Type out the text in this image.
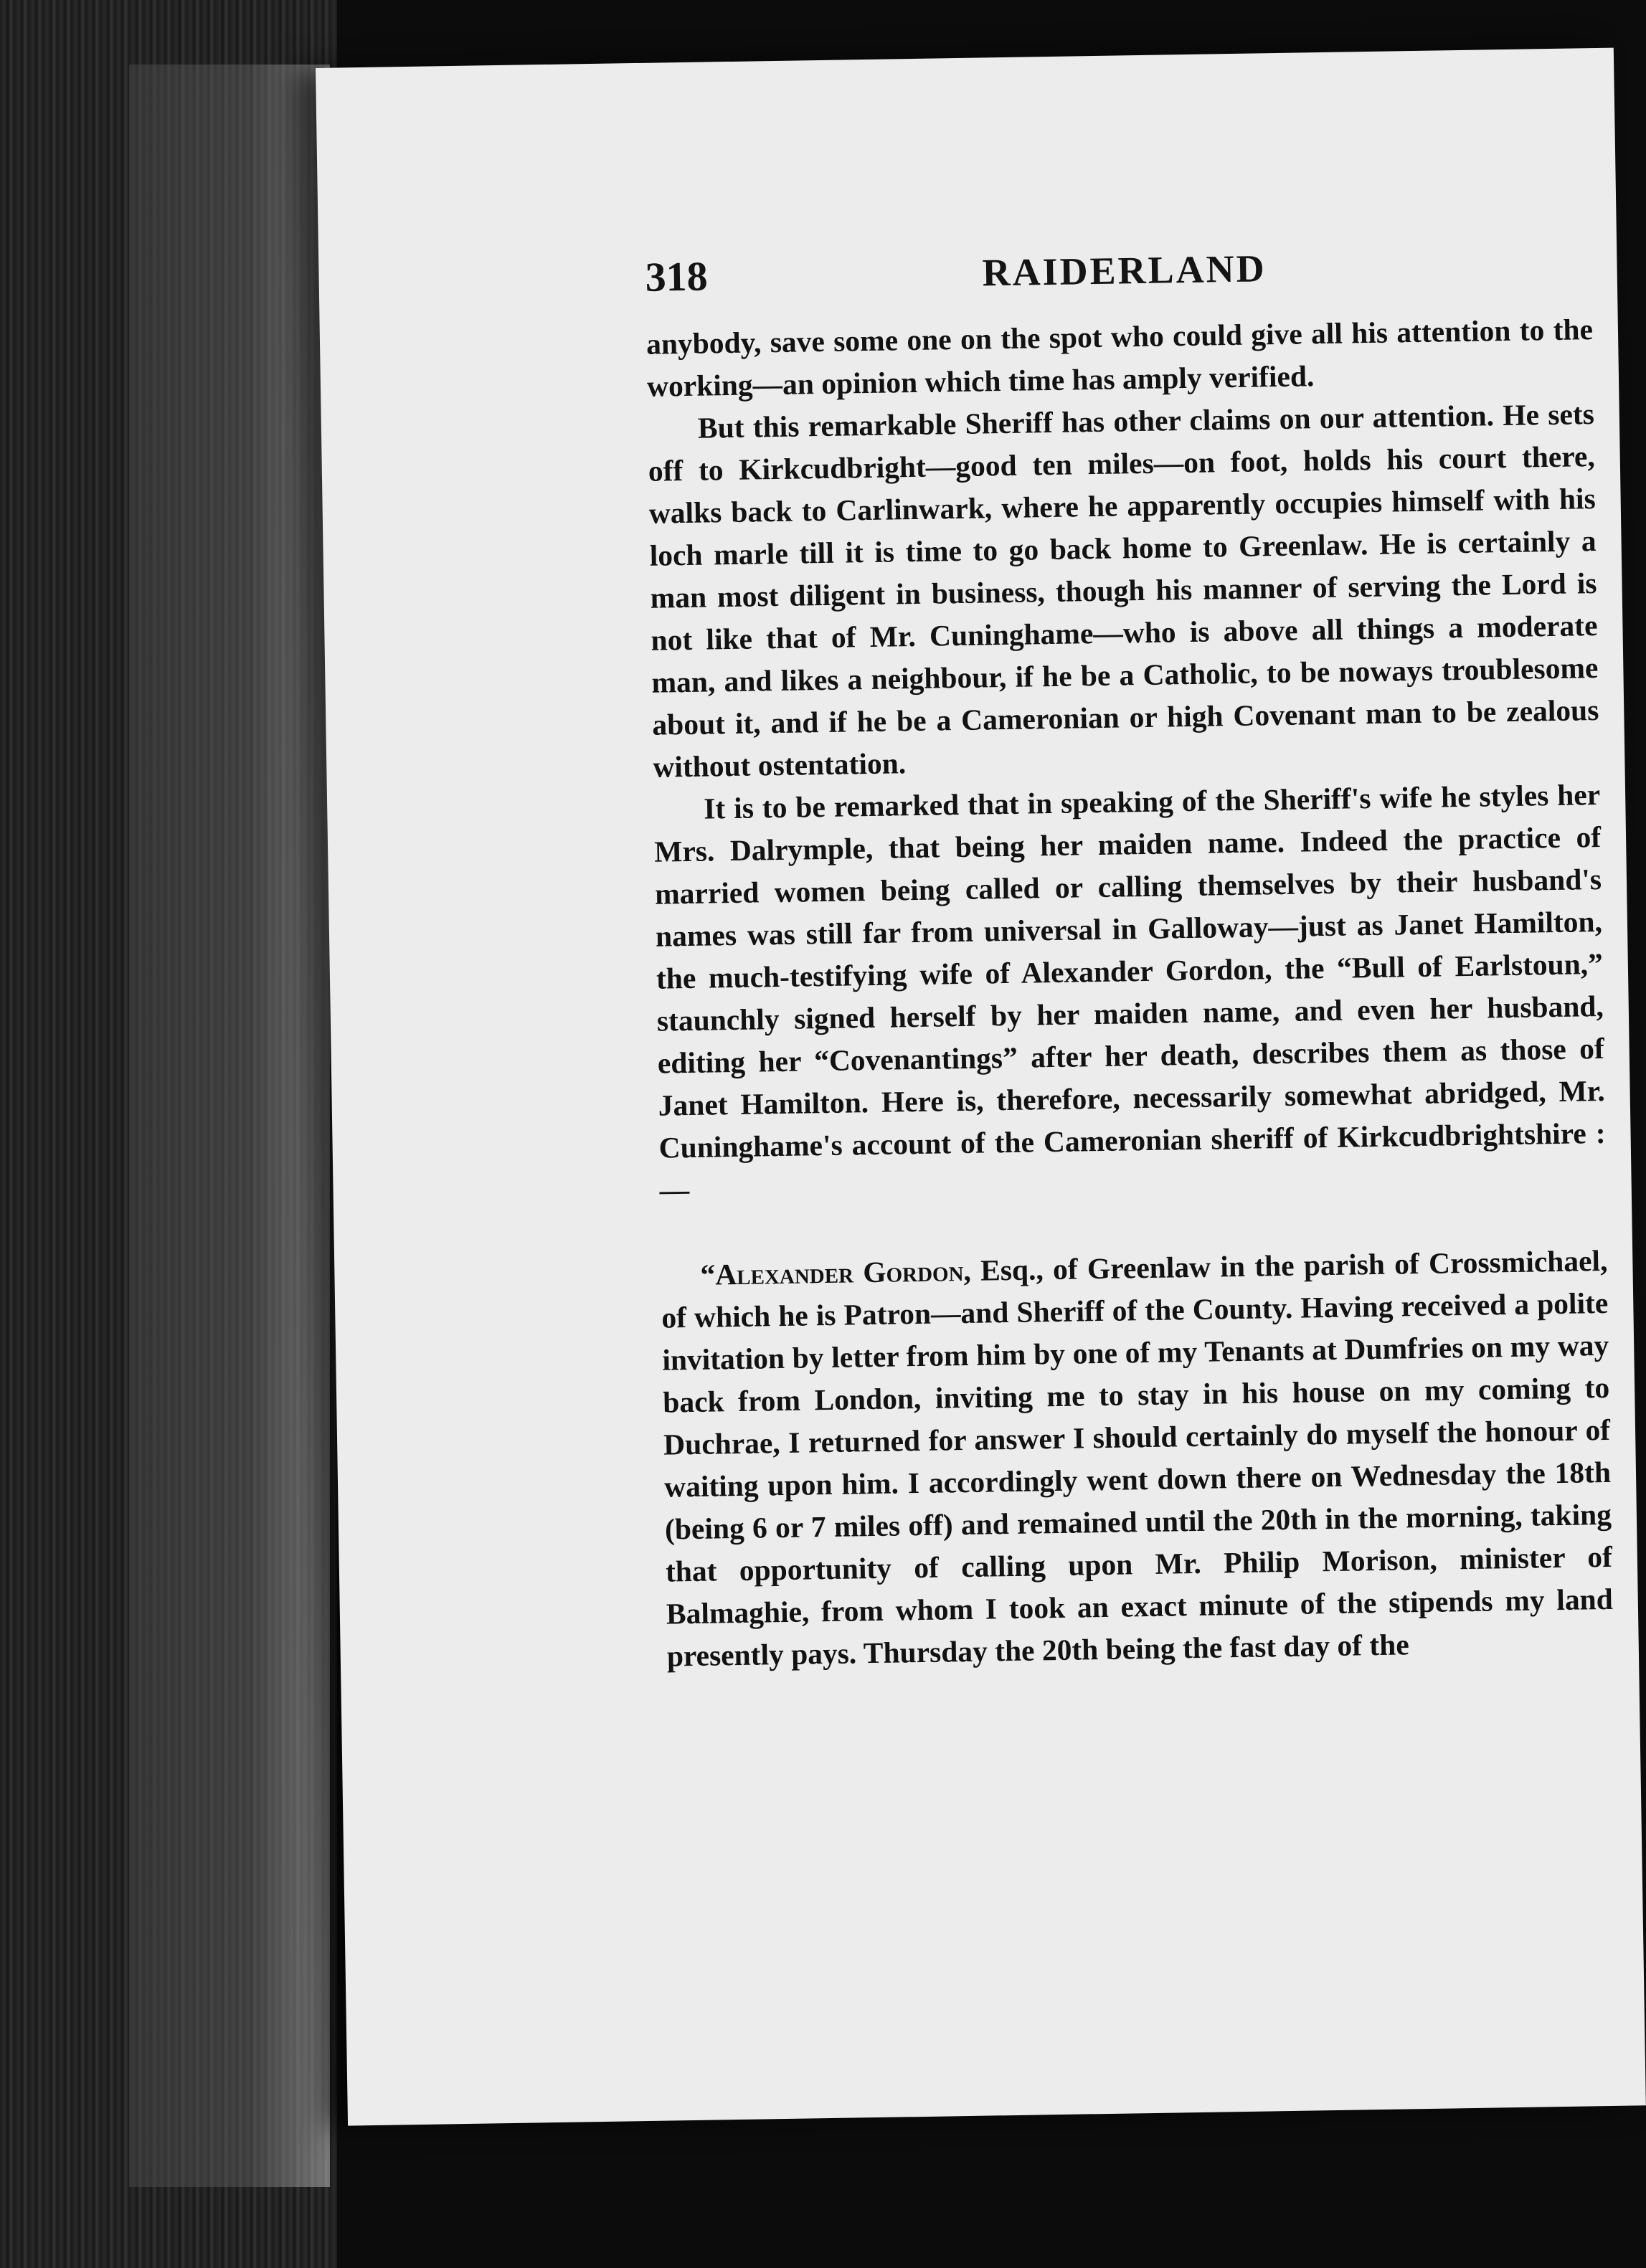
318	RAIDERLAND

anybody, save some one on the spot who could give all his attention to the working—an opinion which time has amply verified.

But this remarkable Sheriff has other claims on our attention. He sets off to Kirkcudbright—good ten miles—on foot, holds his court there, walks back to Carlinwark, where he apparently occupies himself with his loch marle till it is time to go back home to Greenlaw. He is certainly a man most diligent in business, though his manner of serving the Lord is not like that of Mr. Cuninghame—who is above all things a moderate man, and likes a neighbour, if he be a Catholic, to be noways troublesome about it, and if he be a Cameronian or high Covenant man to be zealous without ostentation.

It is to be remarked that in speaking of the Sheriff's wife he styles her Mrs. Dalrymple, that being her maiden name. Indeed the practice of married women being called or calling themselves by their husband's names was still far from universal in Galloway—just as Janet Hamilton, the much-testifying wife of Alexander Gordon, the “Bull of Earlstoun,” staunchly signed herself by her maiden name, and even her husband, editing her “Covenantings” after her death, describes them as those of Janet Hamilton. Here is, therefore, necessarily somewhat abridged, Mr. Cuninghame's account of the Cameronian sheriff of Kirkcudbrightshire :—

“Alexander Gordon, Esq., of Greenlaw in the parish of Crossmichael, of which he is Patron—and Sheriff of the County. Having received a polite invitation by letter from him by one of my Tenants at Dumfries on my way back from London, inviting me to stay in his house on my coming to Duchrae, I returned for answer I should certainly do myself the honour of waiting upon him. I accordingly went down there on Wednesday the 18th (being 6 or 7 miles off) and remained until the 20th in the morning, taking that opportunity of calling upon Mr. Philip Morison, minister of Balmaghie, from whom I took an exact minute of the stipends my land presently pays. Thursday the 20th being the fast day of the
